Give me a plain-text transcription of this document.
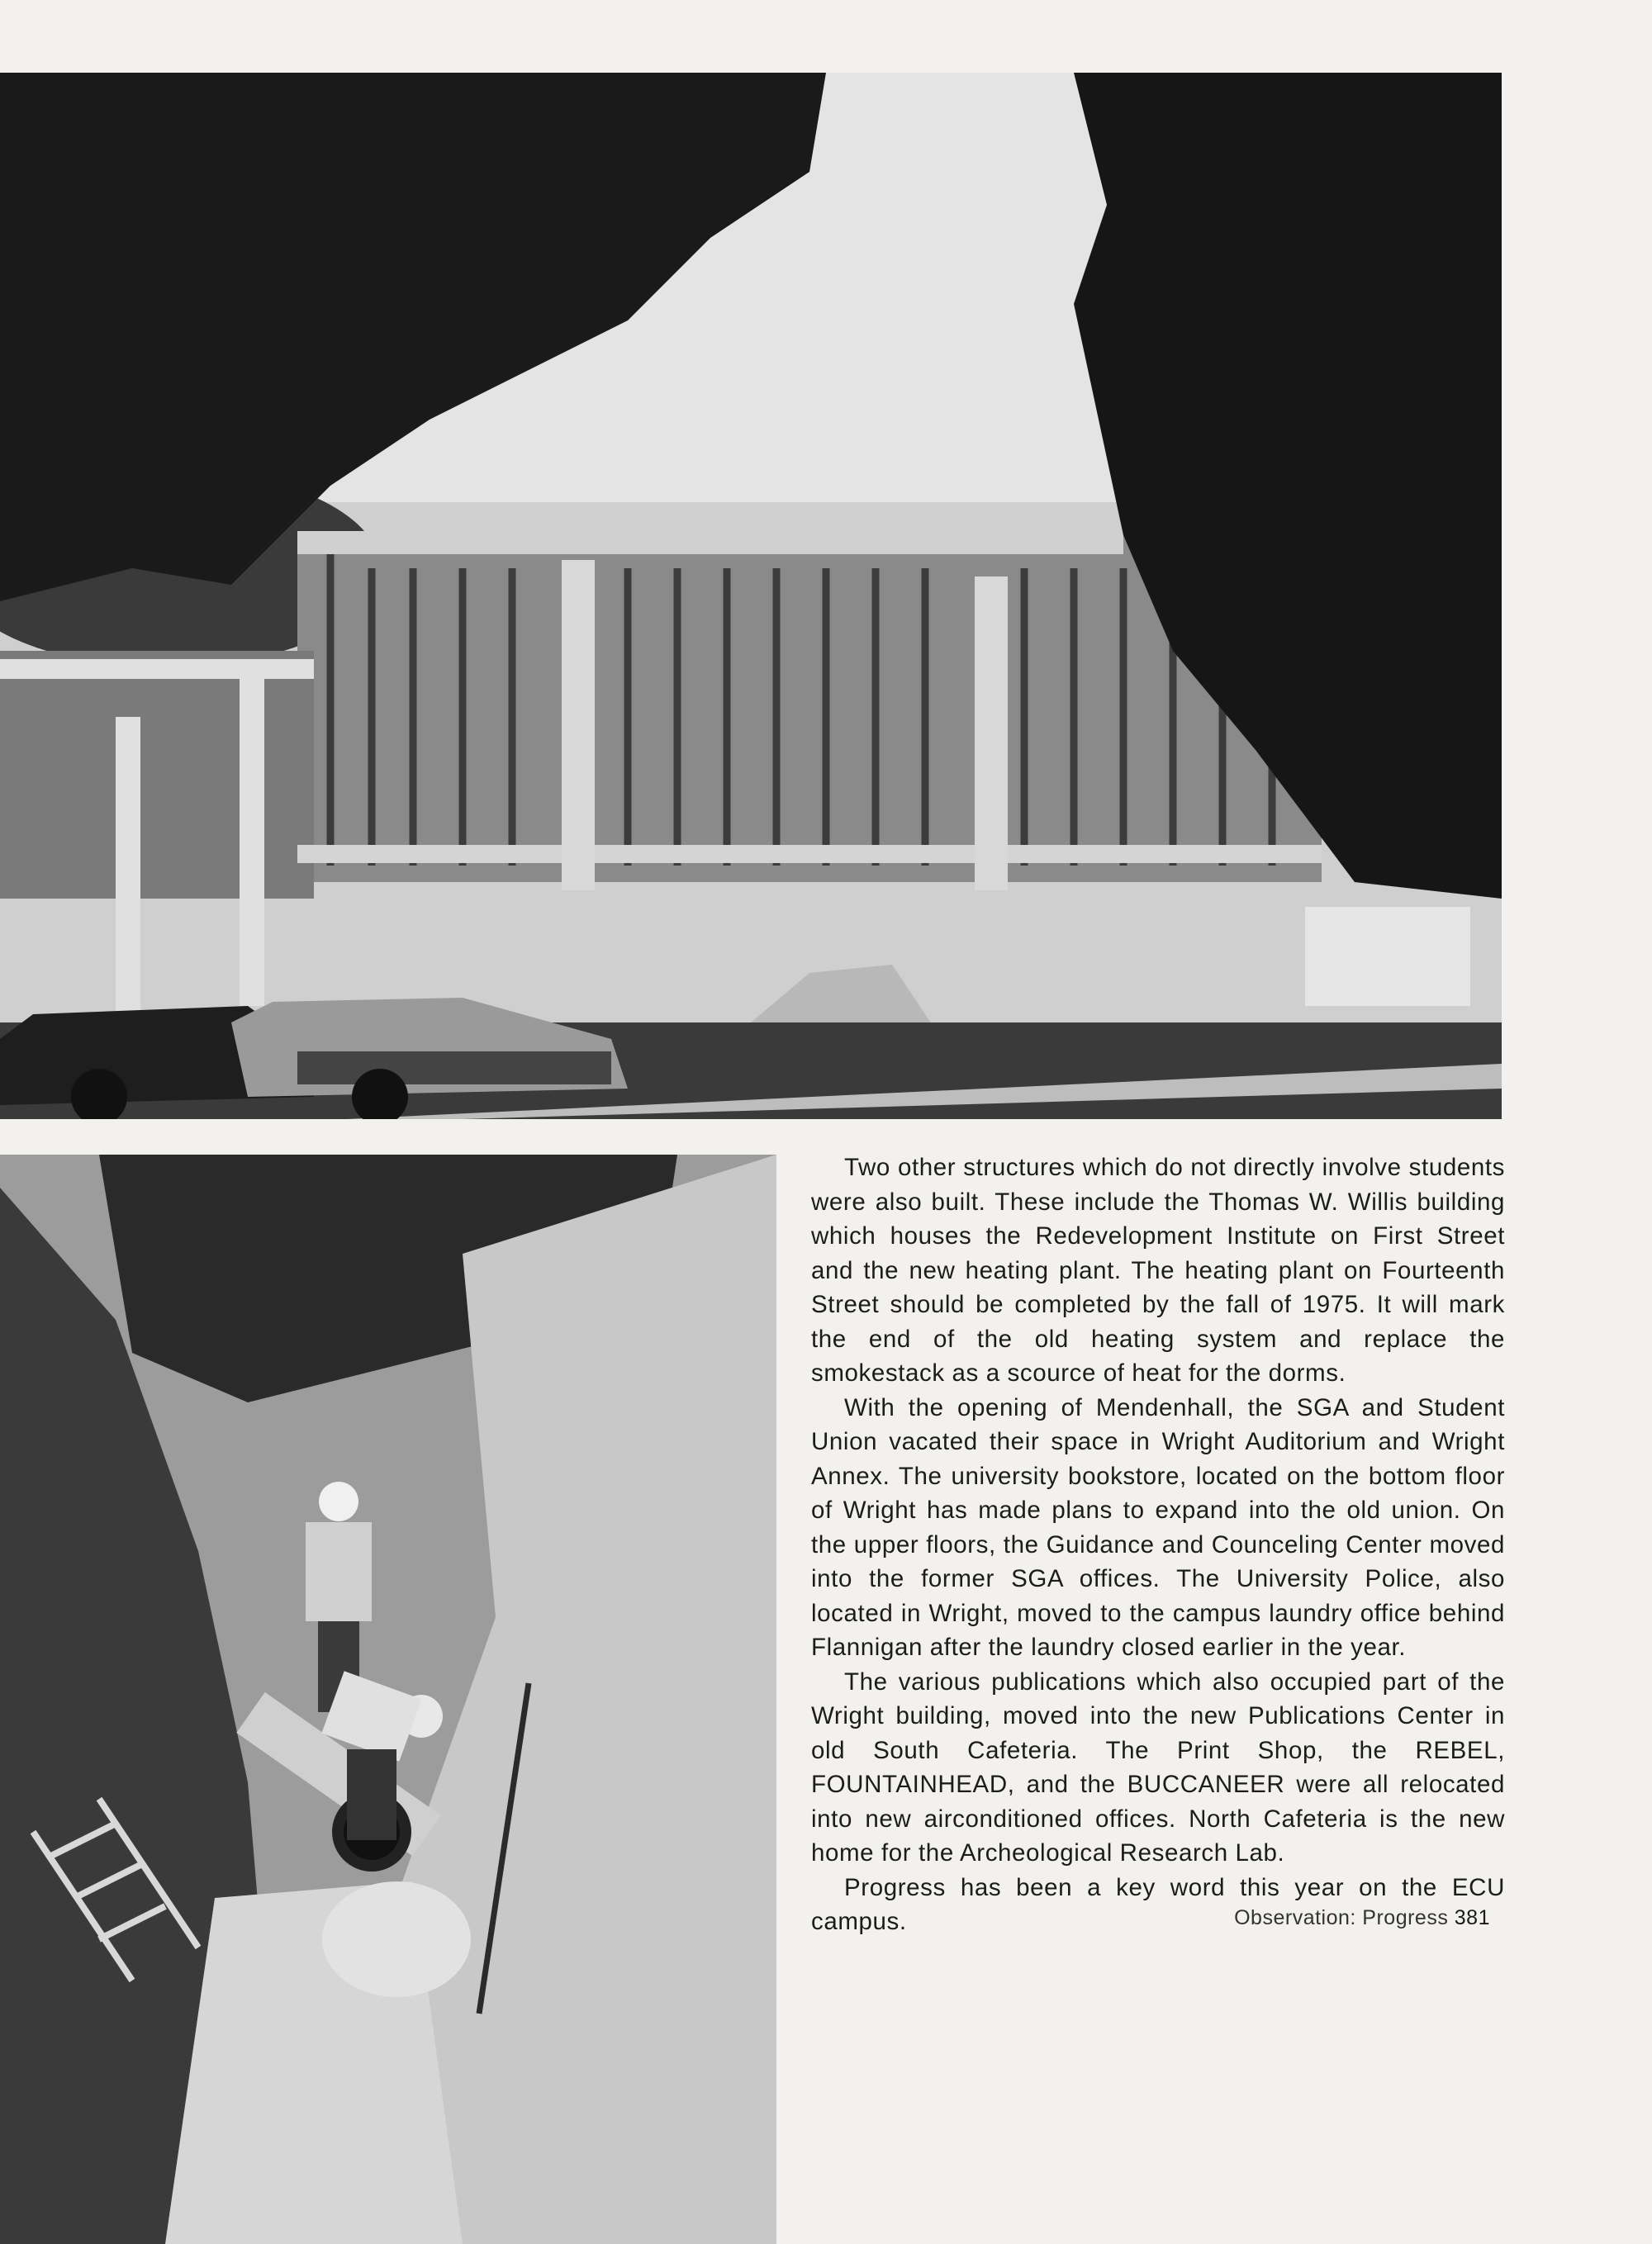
Two other structures which do not directly involve students were also built. These include the Thomas W. Willis building which houses the Redevelopment Institute on First Street and the new heating plant. The heating plant on Fourteenth Street should be completed by the fall of 1975. It will mark the end of the old heating system and replace the smokestack as a scource of heat for the dorms.

With the opening of Mendenhall, the SGA and Student Union vacated their space in Wright Auditorium and Wright Annex. The university bookstore, located on the bottom floor of Wright has made plans to expand into the old union. On the upper floors, the Guidance and Counceling Center moved into the former SGA offices. The University Police, also located in Wright, moved to the campus laundry office behind Flannigan after the laundry closed earlier in the year.

The various publications which also occupied part of the Wright building, moved into the new Publications Center in old South Cafeteria. The Print Shop, the REBEL, FOUNTAINHEAD, and the BUCCANEER were all relocated into new airconditioned offices. North Cafeteria is the new home for the Archeological Research Lab.

Progress has been a key word this year on the ECU campus.	Observation: Progress 381
